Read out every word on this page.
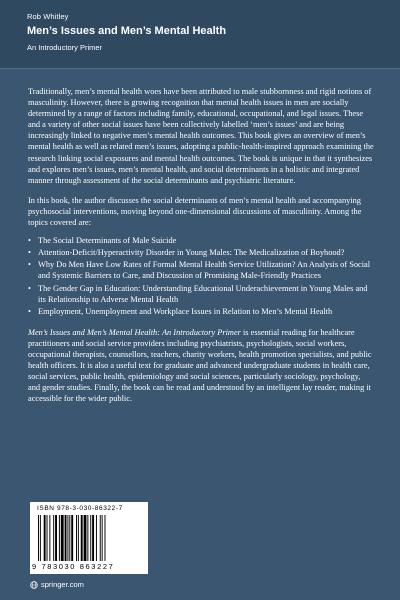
Rob Whitley
Men’s Issues and Men’s Mental Health
An Introductory Primer

Traditionally, men’s mental health woes have been attributed to male stubbornness and rigid notions of masculinity. However, there is growing recognition that mental health issues in men are socially determined by a range of factors including family, educational, occupational, and legal issues. These and a variety of other social issues have been collectively labelled ‘men’s issues’ and are being increasingly linked to negative men’s mental health outcomes. This book gives an overview of men’s mental health as well as related men’s issues, adopting a public-health-inspired approach examining the research linking social exposures and mental health outcomes. The book is unique in that it synthesizes and explores men’s issues, men’s mental health, and social determinants in a holistic and integrated manner through assessment of the social determinants and psychiatric literature.

In this book, the author discusses the social determinants of men’s mental health and accompanying psychosocial interventions, moving beyond one-dimensional discussions of masculinity. Among the topics covered are:

• The Social Determinants of Male Suicide
• Attention-Deficit/Hyperactivity Disorder in Young Males: The Medicalization of Boyhood?
• Why Do Men Have Low Rates of Formal Mental Health Service Utilization? An Analysis of Social and Systemic Barriers to Care, and Discussion of Promising Male-Friendly Practices
• The Gender Gap in Education: Understanding Educational Underachievement in Young Males and its Relationship to Adverse Mental Health
• Employment, Unemployment and Workplace Issues in Relation to Men’s Mental Health

Men’s Issues and Men’s Mental Health: An Introductory Primer is essential reading for healthcare practitioners and social service providers including psychiatrists, psychologists, social workers, occupational therapists, counsellors, teachers, charity workers, health promotion specialists, and public health officers. It is also a useful text for graduate and advanced undergraduate students in health care, social services, public health, epidemiology and social sciences, particularly sociology, psychology, and gender studies. Finally, the book can be read and understood by an intelligent lay reader, making it accessible for the wider public.

ISBN 978-3-030-86322-7
9 783030 863227
springer.com
